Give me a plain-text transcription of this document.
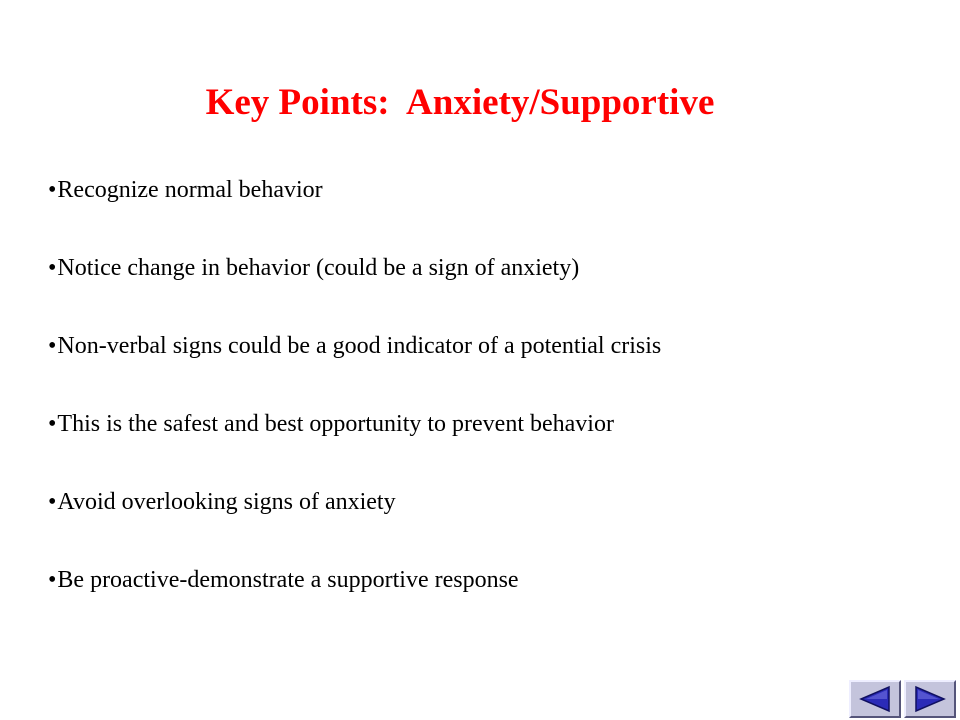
Key Points:  Anxiety/Supportive
•Recognize normal behavior
•Notice change in behavior (could be a sign of anxiety)
•Non-verbal signs could be a good indicator of a potential crisis
•This is the safest and best opportunity to prevent behavior
•Avoid overlooking signs of anxiety
•Be proactive-demonstrate a supportive response
